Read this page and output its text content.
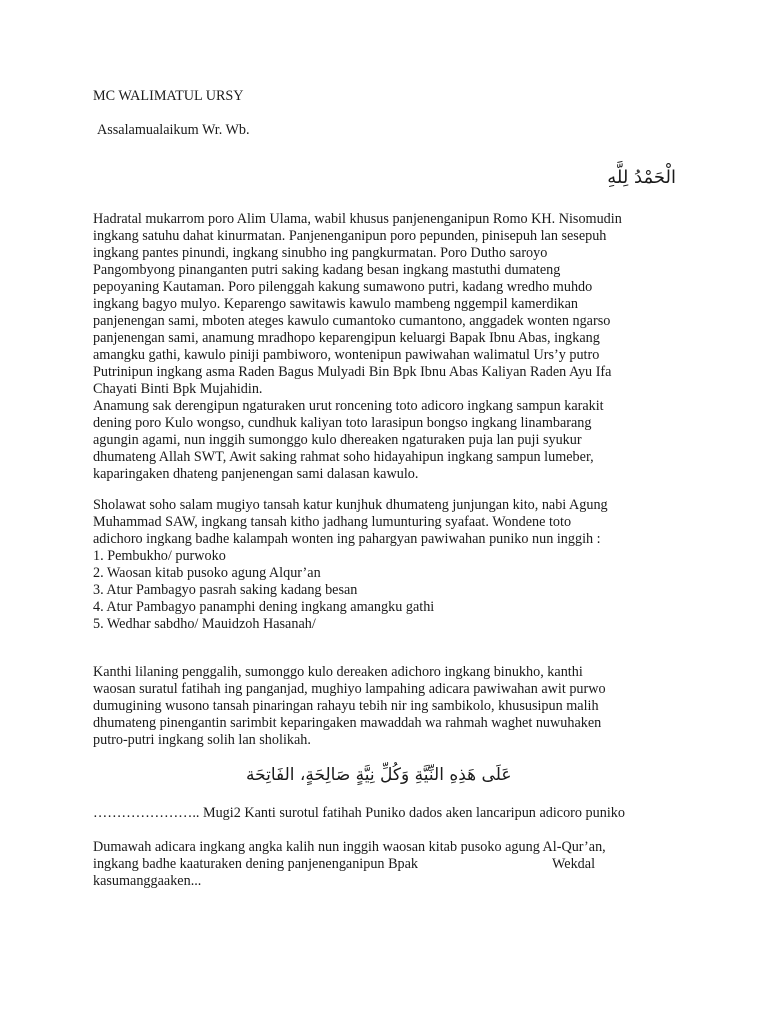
MC WALIMATUL URSY
Assalamualaikum Wr. Wb.
الْحَمْدُ لِلَّهِ
Hadratal mukarrom poro Alim Ulama, wabil khusus panjenenganipun Romo KH. Nisomudin
ingkang satuhu dahat kinurmatan. Panjenenganipun poro pepunden, pinisepuh lan sesepuh
ingkang pantes pinundi, ingkang sinubho ing pangkurmatan. Poro Dutho saroyo
Pangombyong pinanganten putri saking kadang besan ingkang mastuthi dumateng
pepoyaning Kautaman. Poro pilenggah kakung sumawono putri, kadang wredho muhdo
ingkang bagyo mulyo. Keparengo sawitawis kawulo mambeng nggempil kamerdikan
panjenengan sami, mboten ateges kawulo cumantoko cumantono, anggadek wonten ngarso
panjenengan sami, anamung mradhopo keparengipun keluargi Bapak Ibnu Abas, ingkang
amangku gathi, kawulo piniji pambiworo, wontenipun pawiwahan walimatul Urs’y putro
Putrinipun ingkang asma Raden Bagus Mulyadi Bin Bpk Ibnu Abas Kaliyan Raden Ayu Ifa
Chayati Binti Bpk Mujahidin.
Anamung sak derengipun ngaturaken urut roncening toto adicoro ingkang sampun karakit
dening poro Kulo wongso, cundhuk kaliyan toto larasipun bongso ingkang linambarang
agungin agami, nun inggih sumonggo kulo dhereaken ngaturaken puja lan puji syukur
dhumateng Allah SWT, Awit saking rahmat soho hidayahipun ingkang sampun lumeber,
kaparingaken dhateng panjenengan sami dalasan kawulo.
Sholawat soho salam mugiyo tansah katur kunjhuk dhumateng junjungan kito, nabi Agung
Muhammad SAW, ingkang tansah kitho jadhang lumunturing syafaat. Wondene toto
adichoro ingkang badhe kalampah wonten ing pahargyan pawiwahan puniko nun inggih :
1. Pembukho/ purwoko
2. Waosan kitab pusoko agung Alqur’an
3. Atur Pambagyo pasrah saking kadang besan
4. Atur Pambagyo panamphi dening ingkang amangku gathi
5. Wedhar sabdho/ Mauidzoh Hasanah/
Kanthi lilaning penggalih, sumonggo kulo dereaken adichoro ingkang binukho, kanthi
waosan suratul fatihah ing panganjad, mughiyo lampahing adicara pawiwahan awit purwo
dumugining wusono tansah pinaringan rahayu tebih nir ing sambikolo, khususipun malih
dhumateng pinengantin sarimbit keparingaken mawaddah wa rahmah waghet nuwuhaken
putro-putri ingkang solih lan sholikah.
عَلَى هَذِهِ النِّيَّةِ وَكُلِّ نِيَّةٍ صَالِحَةٍ، الفَاتِحَة
………………….. Mugi2 Kanti surotul fatihah Puniko dados aken lancaripun adicoro puniko
Dumawah adicara ingkang angka kalih nun inggih waosan kitab pusoko agung Al-Qur’an,
ingkang badhe kaaturaken dening panjenenganipun Bpak	Wekdal
kasumanggaaken...
